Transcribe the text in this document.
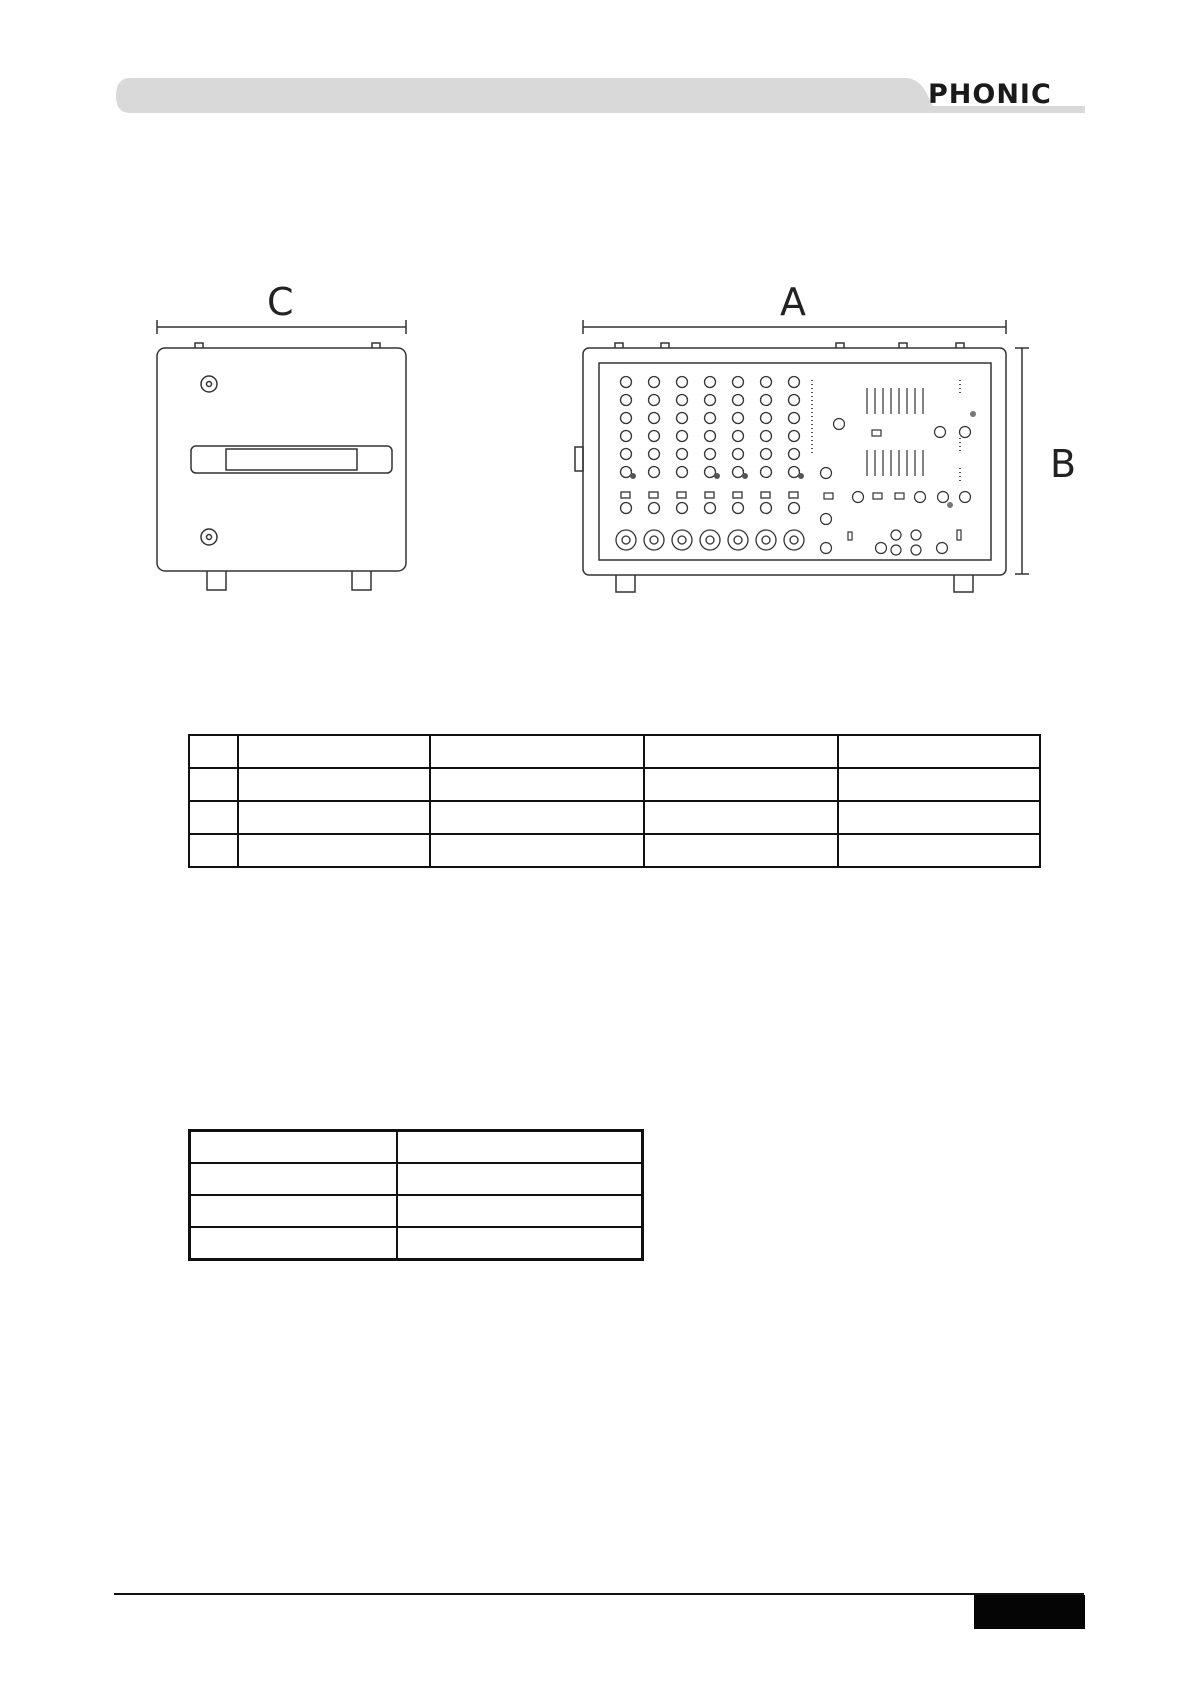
PHONIC
C	A
B
